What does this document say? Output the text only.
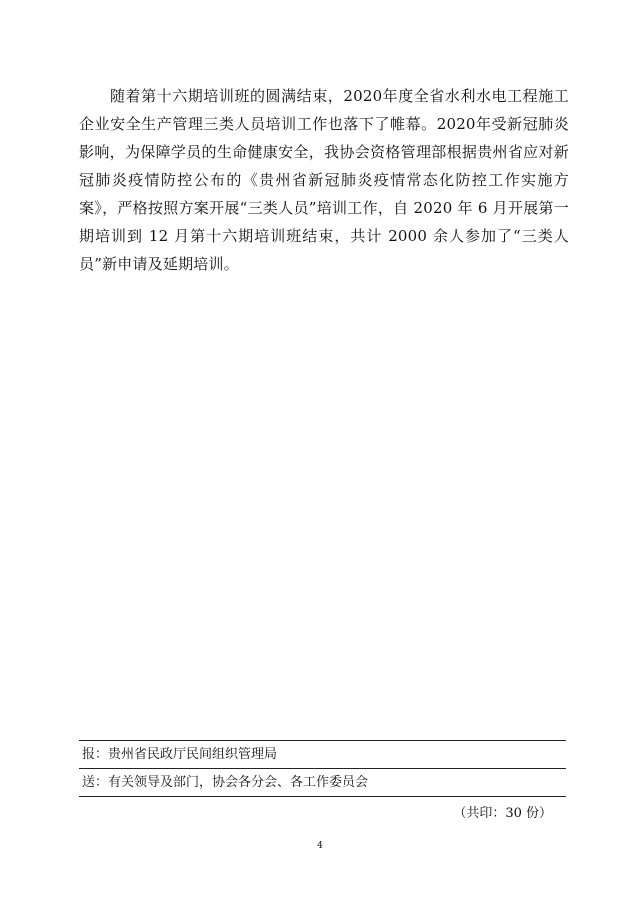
随着第十六期培训班的圆满结束，2020年度全省水利水电工程施工企业安全生产管理三类人员培训工作也落下了帷幕。2020年受新冠肺炎影响，为保障学员的生命健康安全，我协会资格管理部根据贵州省应对新冠肺炎疫情防控公布的《贵州省新冠肺炎疫情常态化防控工作实施方案》，严格按照方案开展“三类人员”培训工作，自 2020 年 6 月开展第一期培训到 12 月第十六期培训班结束，共计 2000 余人参加了“三类人员”新申请及延期培训。

报：贵州省民政厅民间组织管理局
送：有关领导及部门，协会各分会、各工作委员会
（共印：30 份）
4
